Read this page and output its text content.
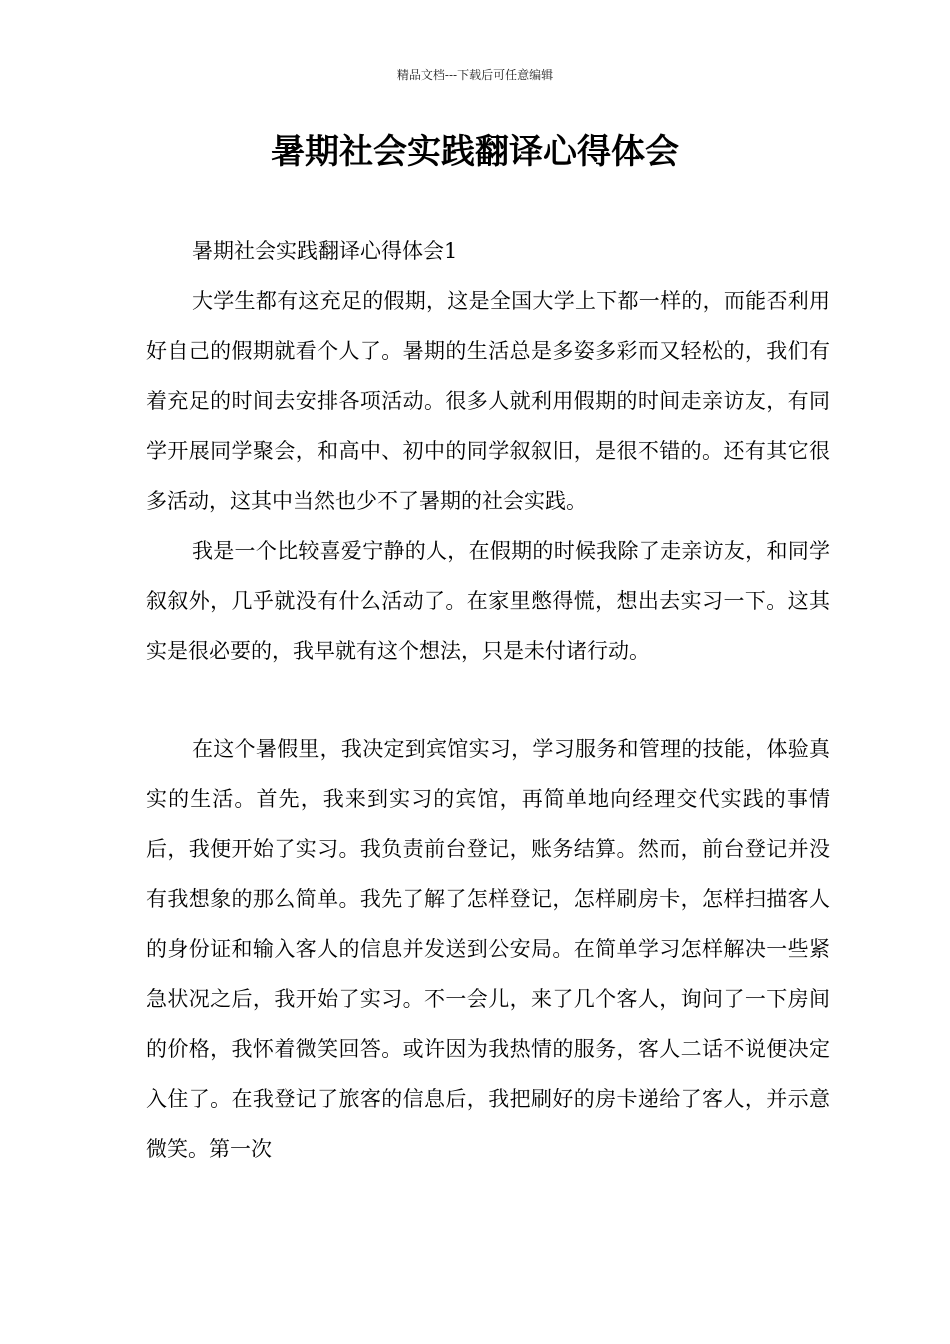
精品文档---下载后可任意编辑
暑期社会实践翻译心得体会

暑期社会实践翻译心得体会1

大学生都有这充足的假期，这是全国大学上下都一样的，而能否利用好自己的假期就看个人了。暑期的生活总是多姿多彩而又轻松的，我们有着充足的时间去安排各项活动。很多人就利用假期的时间走亲访友，有同学开展同学聚会，和高中、初中的同学叙叙旧，是很不错的。还有其它很多活动，这其中当然也少不了暑期的社会实践。

我是一个比较喜爱宁静的人，在假期的时候我除了走亲访友，和同学叙叙外，几乎就没有什么活动了。在家里憋得慌，想出去实习一下。这其实是很必要的，我早就有这个想法，只是未付诸行动。

在这个暑假里，我决定到宾馆实习，学习服务和管理的技能，体验真实的生活。首先，我来到实习的宾馆，再简单地向经理交代实践的事情后，我便开始了实习。我负责前台登记，账务结算。然而，前台登记并没有我想象的那么简单。我先了解了怎样登记，怎样刷房卡，怎样扫描客人的身份证和输入客人的信息并发送到公安局。在简单学习怎样解决一些紧急状况之后，我开始了实习。不一会儿，来了几个客人，询问了一下房间的价格，我怀着微笑回答。或许因为我热情的服务，客人二话不说便决定入住了。在我登记了旅客的信息后，我把刷好的房卡递给了客人，并示意微笑。第一次
